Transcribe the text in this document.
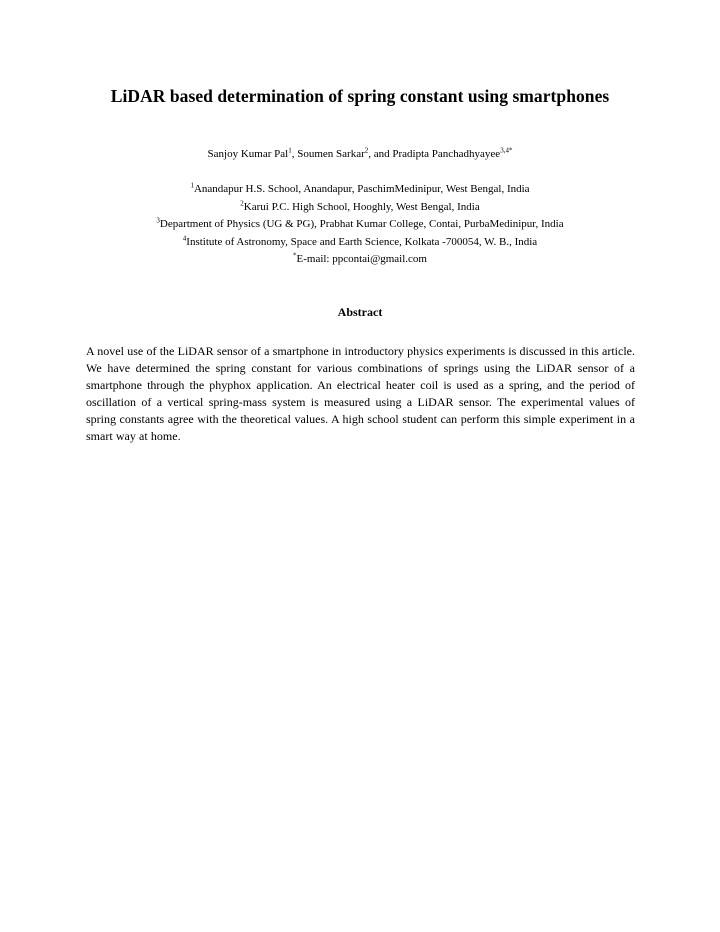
LiDAR based determination of spring constant using smartphones
Sanjoy Kumar Pal$^1$, Soumen Sarkar$^2$, and Pradipta Panchadhyayee$^{3,4*}$
$^1$Anandapur H.S. School, Anandapur, PaschimMedinipur, West Bengal, India
$^2$Karui P.C. High School, Hooghly, West Bengal, India
$^3$Department of Physics (UG & PG), Prabhat Kumar College, Contai, PurbaMedinipur, India
$^4$Institute of Astronomy, Space and Earth Science, Kolkata -700054, W. B., India
*E-mail: ppcontai@gmail.com
Abstract
A novel use of the LiDAR sensor of a smartphone in introductory physics experiments is discussed in this article. We have determined the spring constant for various combinations of springs using the LiDAR sensor of a smartphone through the phyphox application. An electrical heater coil is used as a spring, and the period of oscillation of a vertical spring-mass system is measured using a LiDAR sensor. The experimental values of spring constants agree with the theoretical values. A high school student can perform this simple experiment in a smart way at home.
